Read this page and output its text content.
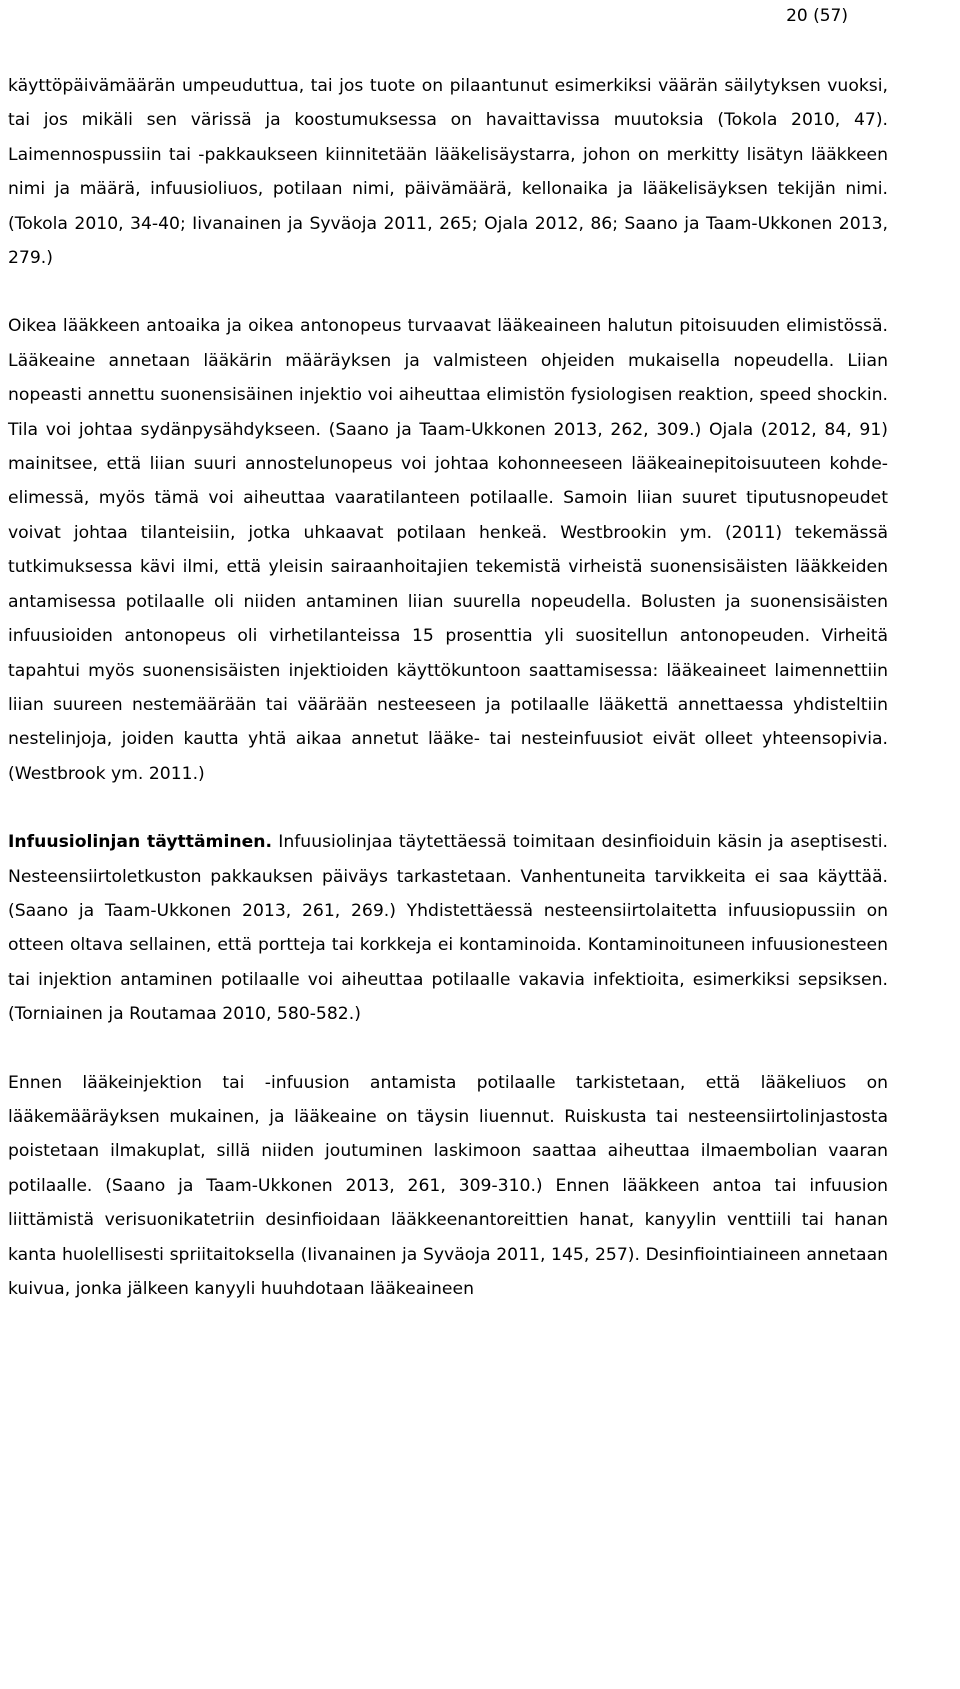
20 (57)

käyttöpäivämäärän umpeuduttua, tai jos tuote on pilaantunut esimerkiksi väärän säilytyksen vuoksi, tai jos mikäli sen värissä ja koostumuksessa on havaittavissa muutoksia (Tokola 2010, 47). Laimennospussiin tai -pakkaukseen kiinnitetään lääkelisäystarra, johon on merkitty lisätyn lääkkeen nimi ja määrä, infuusioliuos, potilaan nimi, päivämäärä, kellonaika ja lääkelisäyksen tekijän nimi. (Tokola 2010, 34-40; Iivanainen ja Syväoja 2011, 265; Ojala 2012, 86; Saano ja Taam-Ukkonen 2013, 279.)

Oikea lääkkeen antoaika ja oikea antonopeus turvaavat lääkeaineen halutun pitoisuuden elimistössä. Lääkeaine annetaan lääkärin määräyksen ja valmisteen ohjeiden mukaisella nopeudella. Liian nopeasti annettu suonensisäinen injektio voi aiheuttaa elimistön fysiologisen reaktion, speed shockin. Tila voi johtaa sydänpysähdykseen. (Saano ja Taam-Ukkonen 2013, 262, 309.) Ojala (2012, 84, 91) mainitsee, että liian suuri annostelunopeus voi johtaa kohonneeseen lääkeainepitoisuuteen kohde-elimessä, myös tämä voi aiheuttaa vaaratilanteen potilaalle. Samoin liian suuret tiputusnopeudet voivat johtaa tilanteisiin, jotka uhkaavat potilaan henkeä. Westbrookin ym. (2011) tekemässä tutkimuksessa kävi ilmi, että yleisin sairaanhoitajien tekemistä virheistä suonensisäisten lääkkeiden antamisessa potilaalle oli niiden antaminen liian suurella nopeudella. Bolusten ja suonensisäisten infuusioiden antonopeus oli virhetilanteissa 15 prosenttia yli suositellun antonopeuden. Virheitä tapahtui myös suonensisäisten injektioiden käyttökuntoon saattamisessa: lääkeaineet laimennettiin liian suureen nestemäärään tai väärään nesteeseen ja potilaalle lääkettä annettaessa yhdisteltiin nestelinjoja, joiden kautta yhtä aikaa annetut lääke- tai nesteinfuusiot eivät olleet yhteensopivia. (Westbrook ym. 2011.)

Infuusiolinjan täyttäminen. Infuusiolinjaa täytettäessä toimitaan desinfioiduin käsin ja aseptisesti. Nesteensiirtoletkuston pakkauksen päiväys tarkastetaan. Vanhentuneita tarvikkeita ei saa käyttää. (Saano ja Taam-Ukkonen 2013, 261, 269.) Yhdistettäessä nesteensiirtolaitetta infuusiopussiin on otteen oltava sellainen, että portteja tai korkkeja ei kontaminoida. Kontaminoituneen infuusionesteen tai injektion antaminen potilaalle voi aiheuttaa potilaalle vakavia infektioita, esimerkiksi sepsiksen. (Torniainen ja Routamaa 2010, 580-582.)

Ennen lääkeinjektion tai -infuusion antamista potilaalle tarkistetaan, että lääkeliuos on lääkemääräyksen mukainen, ja lääkeaine on täysin liuennut. Ruiskusta tai nesteensiirtolinjastosta poistetaan ilmakuplat, sillä niiden joutuminen laskimoon saattaa aiheuttaa ilmaembolian vaaran potilaalle. (Saano ja Taam-Ukkonen 2013, 261, 309-310.) Ennen lääkkeen antoa tai infuusion liittämistä verisuonikatetriin desinfioidaan lääkkeenantoreittien hanat, kanyylin venttiili tai hanan kanta huolellisesti spriitaitoksella (Iivanainen ja Syväoja 2011, 145, 257). Desinfiointiaineen annetaan kuivua, jonka jälkeen kanyyli huuhdotaan lääkeaineen
